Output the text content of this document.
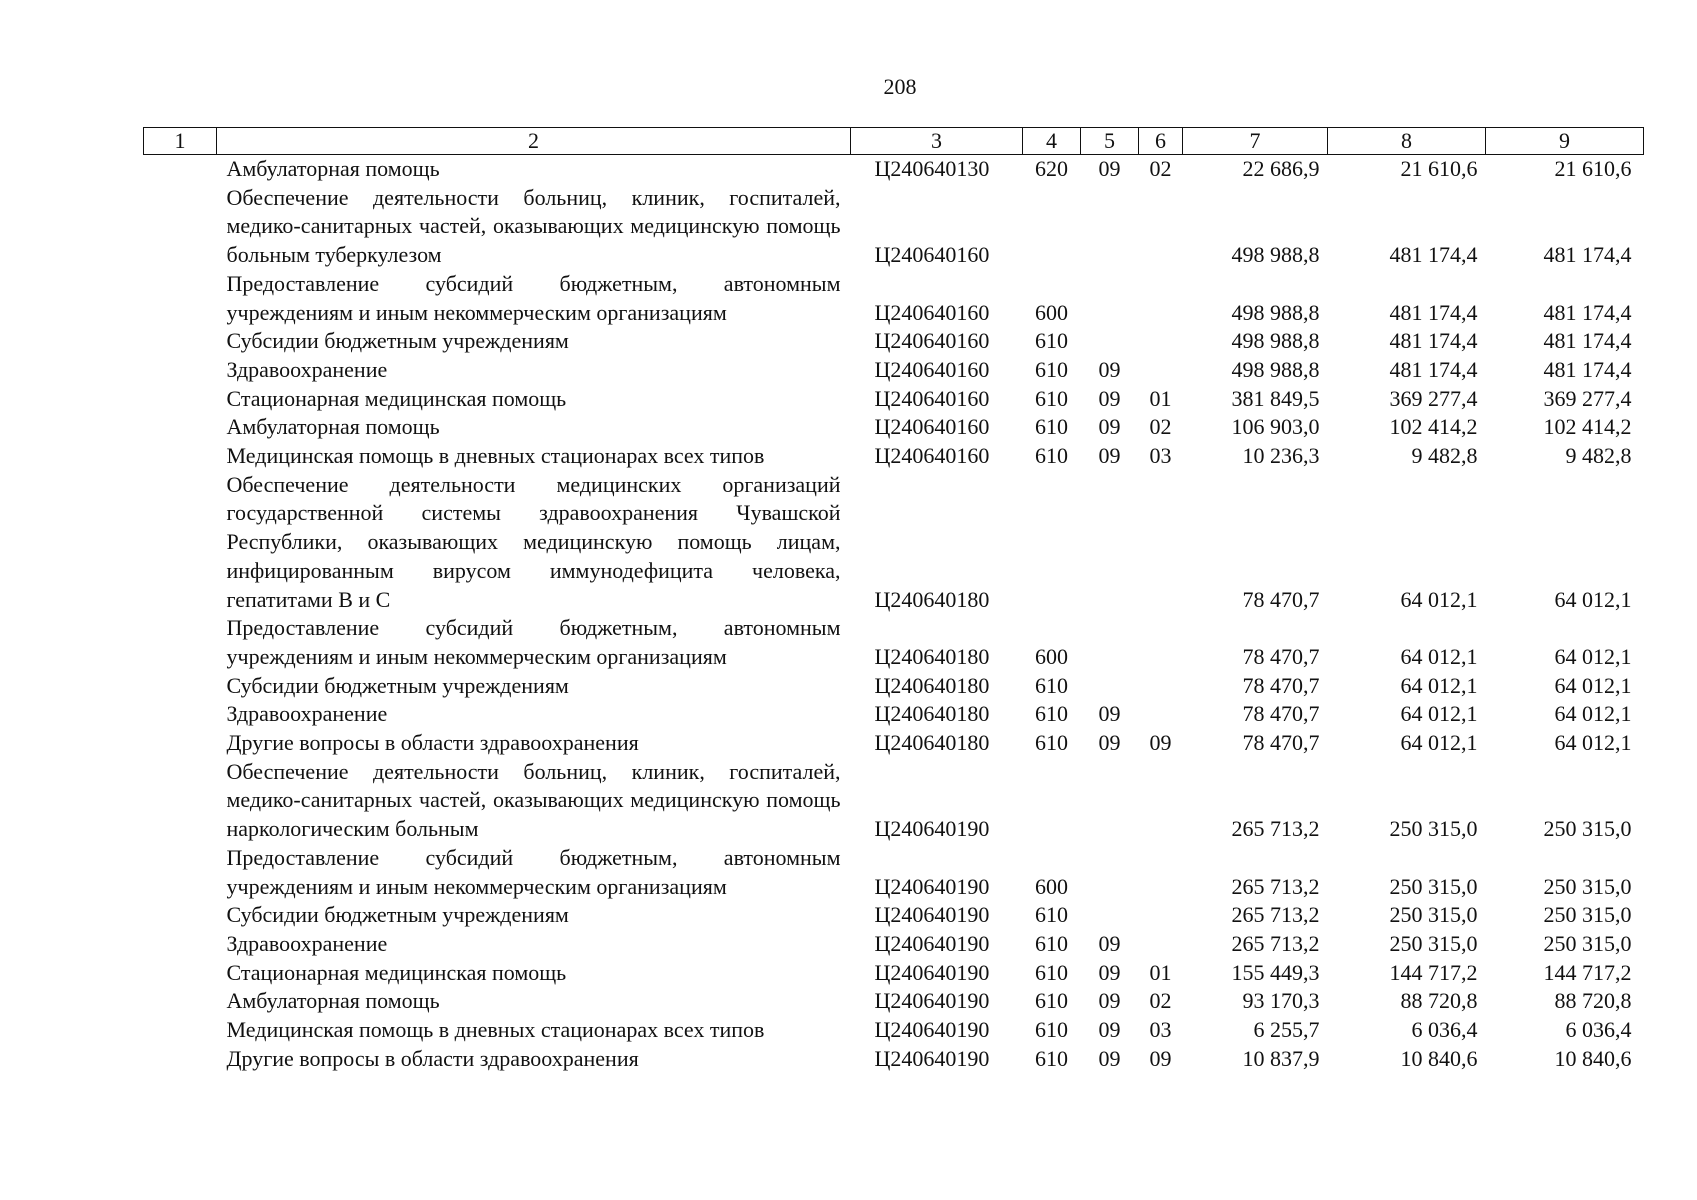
208
1	2	3	4	5	6	7	8	9
	Амбулаторная помощь	Ц240640130	620	09	02	22 686,9	21 610,6	21 610,6
	Обеспечение деятельности больниц, клиник, госпиталей, медико-санитарных частей, оказывающих медицинскую помощь больным туберкулезом	Ц240640160				498 988,8	481 174,4	481 174,4
	Предоставление субсидий бюджетным, автономным учреждениям и иным некоммерческим организациям	Ц240640160	600			498 988,8	481 174,4	481 174,4
	Субсидии бюджетным учреждениям	Ц240640160	610			498 988,8	481 174,4	481 174,4
	Здравоохранение	Ц240640160	610	09		498 988,8	481 174,4	481 174,4
	Стационарная медицинская помощь	Ц240640160	610	09	01	381 849,5	369 277,4	369 277,4
	Амбулаторная помощь	Ц240640160	610	09	02	106 903,0	102 414,2	102 414,2
	Медицинская помощь в дневных стационарах всех типов	Ц240640160	610	09	03	10 236,3	9 482,8	9 482,8
	Обеспечение деятельности медицинских организаций государственной системы здравоохранения Чувашской Республики, оказывающих медицинскую помощь лицам, инфицированным вирусом иммунодефицита человека, гепатитами В и С	Ц240640180				78 470,7	64 012,1	64 012,1
	Предоставление субсидий бюджетным, автономным учреждениям и иным некоммерческим организациям	Ц240640180	600			78 470,7	64 012,1	64 012,1
	Субсидии бюджетным учреждениям	Ц240640180	610			78 470,7	64 012,1	64 012,1
	Здравоохранение	Ц240640180	610	09		78 470,7	64 012,1	64 012,1
	Другие вопросы в области здравоохранения	Ц240640180	610	09	09	78 470,7	64 012,1	64 012,1
	Обеспечение деятельности больниц, клиник, госпиталей, медико-санитарных частей, оказывающих медицинскую помощь наркологическим больным	Ц240640190				265 713,2	250 315,0	250 315,0
	Предоставление субсидий бюджетным, автономным учреждениям и иным некоммерческим организациям	Ц240640190	600			265 713,2	250 315,0	250 315,0
	Субсидии бюджетным учреждениям	Ц240640190	610			265 713,2	250 315,0	250 315,0
	Здравоохранение	Ц240640190	610	09		265 713,2	250 315,0	250 315,0
	Стационарная медицинская помощь	Ц240640190	610	09	01	155 449,3	144 717,2	144 717,2
	Амбулаторная помощь	Ц240640190	610	09	02	93 170,3	88 720,8	88 720,8
	Медицинская помощь в дневных стационарах всех типов	Ц240640190	610	09	03	6 255,7	6 036,4	6 036,4
	Другие вопросы в области здравоохранения	Ц240640190	610	09	09	10 837,9	10 840,6	10 840,6
